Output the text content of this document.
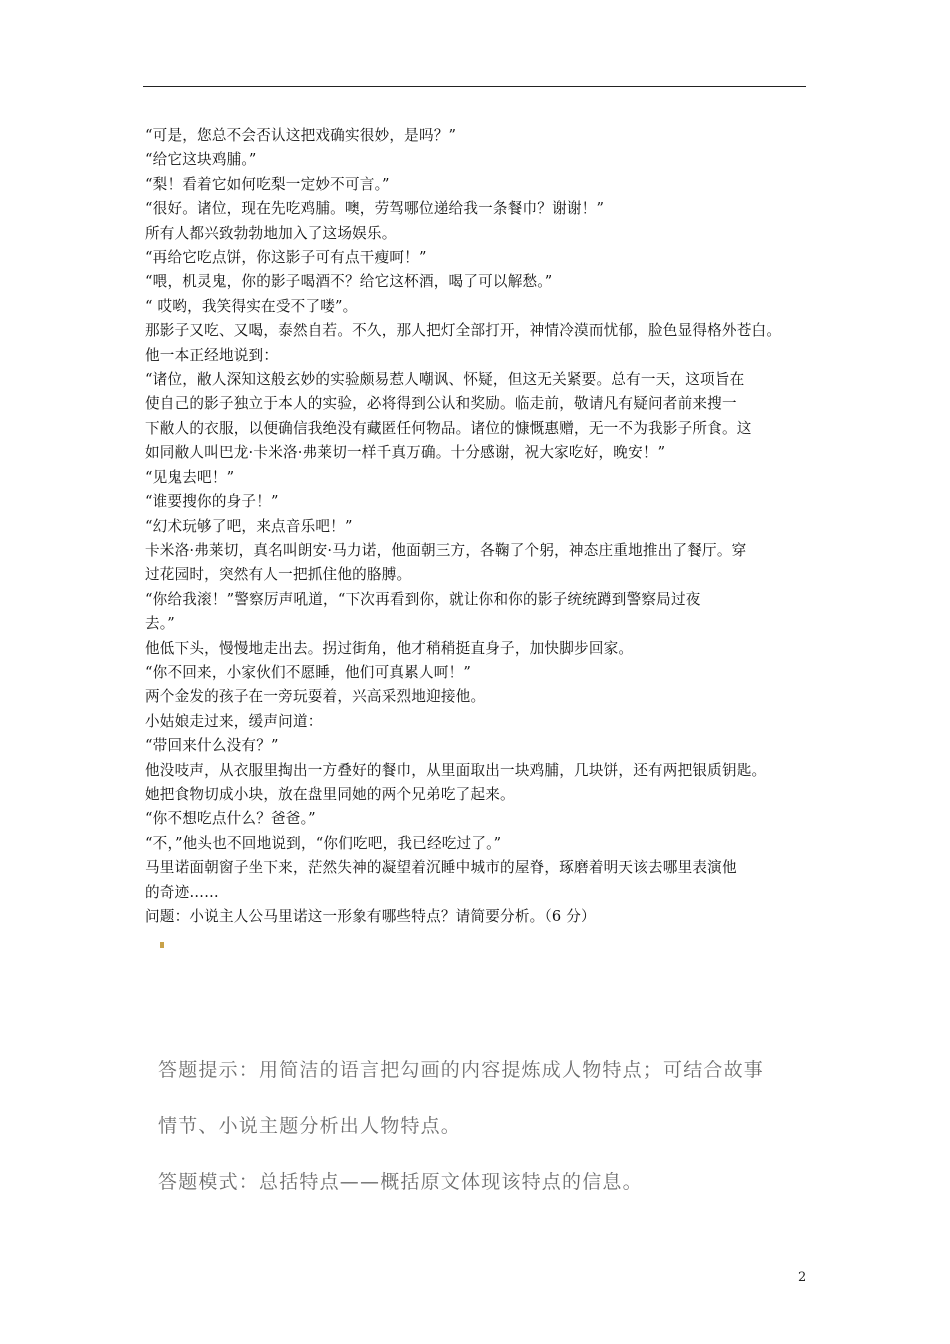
“可是，您总不会否认这把戏确实很妙，是吗？”
“给它这块鸡脯。”
“梨！看着它如何吃梨一定妙不可言。”
“很好。诸位，现在先吃鸡脯。噢，劳驾哪位递给我一条餐巾？谢谢！”
所有人都兴致勃勃地加入了这场娱乐。
“再给它吃点饼，你这影子可有点干瘦呵！”
“喂，机灵鬼，你的影子喝酒不？给它这杯酒，喝了可以解愁。”
“ 哎哟，我笑得实在受不了喽”。
那影子又吃、又喝，泰然自若。不久，那人把灯全部打开，神情冷漠而忧郁，脸色显得格外苍白。
他一本正经地说到：
“诸位，敝人深知这般玄妙的实验颇易惹人嘲讽、怀疑，但这无关紧要。总有一天，这项旨在
使自己的影子独立于本人的实验，必将得到公认和奖励。临走前，敬请凡有疑问者前来搜一
下敝人的衣服，以便确信我绝没有藏匿任何物品。诸位的慷慨惠赠，无一不为我影子所食。这
如同敝人叫巴龙·卡米洛·弗莱切一样千真万确。十分感谢，祝大家吃好，晚安！”
“见鬼去吧！”
“谁要搜你的身子！”
“幻术玩够了吧，来点音乐吧！”
卡米洛·弗莱切，真名叫朗安·马力诺，他面朝三方，各鞠了个躬，神态庄重地推出了餐厅。穿
过花园时，突然有人一把抓住他的胳膊。
“你给我滚！”警察厉声吼道，“下次再看到你，就让你和你的影子统统蹲到警察局过夜
去。”
他低下头，慢慢地走出去。拐过街角，他才稍稍挺直身子，加快脚步回家。
“你不回来，小家伙们不愿睡，他们可真累人呵！”
两个金发的孩子在一旁玩耍着，兴高采烈地迎接他。
小姑娘走过来，缓声问道：
“带回来什么没有？”
他没吱声，从衣服里掏出一方叠好的餐巾，从里面取出一块鸡脯，几块饼，还有两把银质钥匙。
她把食物切成小块，放在盘里同她的两个兄弟吃了起来。
“你不想吃点什么？爸爸。”
“不，”他头也不回地说到，“你们吃吧，我已经吃过了。”
马里诺面朝窗子坐下来，茫然失神的凝望着沉睡中城市的屋脊，琢磨着明天该去哪里表演他
的奇迹……
问题：小说主人公马里诺这一形象有哪些特点？请简要分析。（6 分）
答题提示：用简洁的语言把勾画的内容提炼成人物特点；可结合故事
情节、小说主题分析出人物特点。
答题模式：总括特点——概括原文体现该特点的信息。
2
